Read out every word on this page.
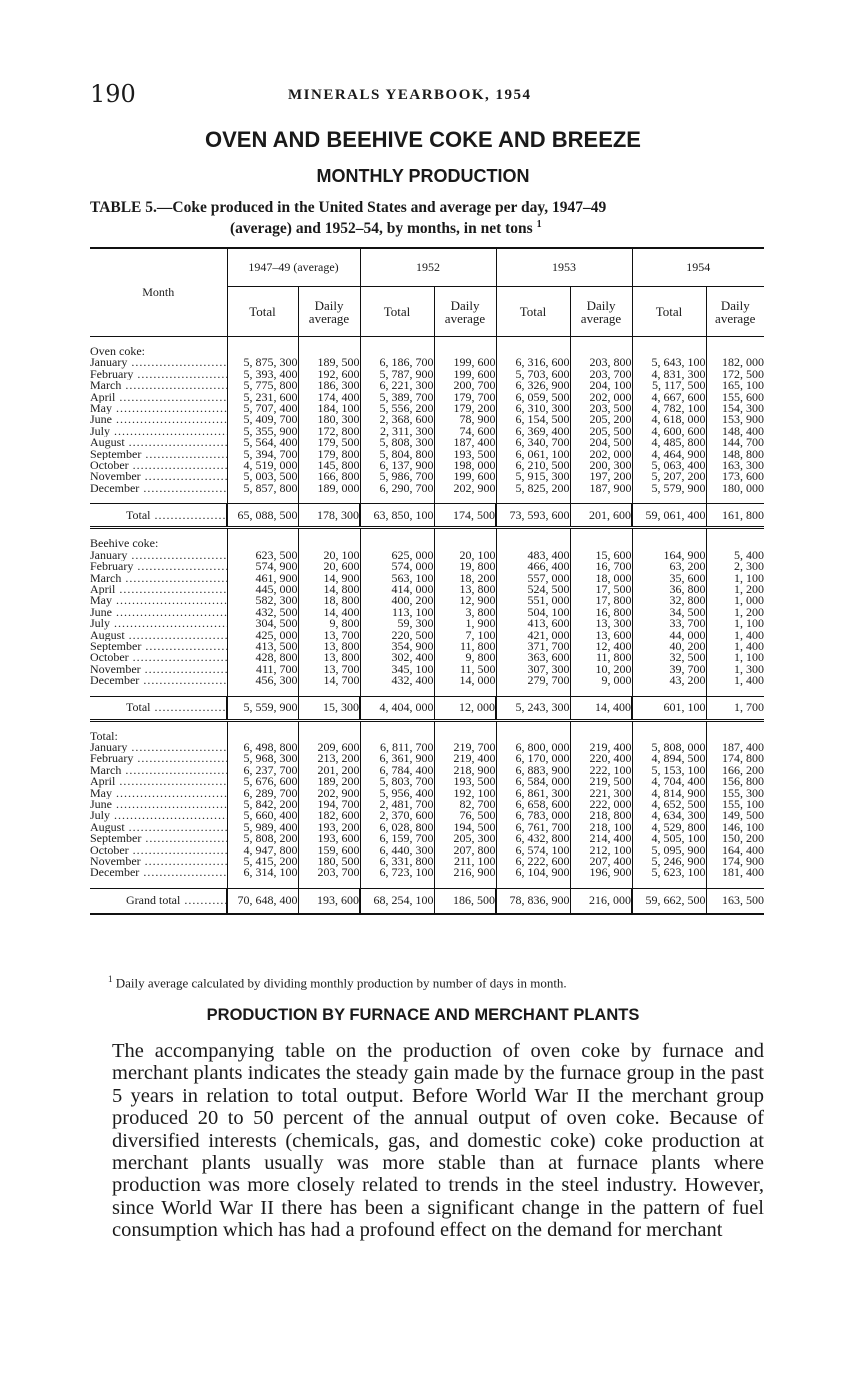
190	MINERALS YEARBOOK, 1954
OVEN AND BEEHIVE COKE AND BREEZE
MONTHLY PRODUCTION
TABLE 5.—Coke produced in the United States and average per day, 1947–49
(average) and 1952–54, by months, in net tons $^1$
Month	1947–49 (average)		1952		1953		1954	
	Total	Daily average	Total	Daily average	Total	Daily average	Total	Daily average

Oven coke:								
January .....	5, 875, 300	189, 500	6, 186, 700	199, 600	6, 316, 600	203, 800	5, 643, 100	182, 000
February .....	5, 393, 400	192, 600	5, 787, 900	199, 600	5, 703, 600	203, 700	4, 831, 300	172, 500
March .....	5, 775, 800	186, 300	6, 221, 300	200, 700	6, 326, 900	204, 100	5, 117, 500	165, 100
April .....	5, 231, 600	174, 400	5, 389, 700	179, 700	6, 059, 500	202, 000	4, 667, 600	155, 600
May .....	5, 707, 400	184, 100	5, 556, 200	179, 200	6, 310, 300	203, 500	4, 782, 100	154, 300
June .....	5, 409, 700	180, 300	2, 368, 600	78, 900	6, 154, 500	205, 200	4, 618, 000	153, 900
July .....	5, 355, 900	172, 800	2, 311, 300	74, 600	6, 369, 400	205, 500	4, 600, 600	148, 400
August .....	5, 564, 400	179, 500	5, 808, 300	187, 400	6, 340, 700	204, 500	4, 485, 800	144, 700
September .....	5, 394, 700	179, 800	5, 804, 800	193, 500	6, 061, 100	202, 000	4, 464, 900	148, 800
October .....	4, 519, 000	145, 800	6, 137, 900	198, 000	6, 210, 500	200, 300	5, 063, 400	163, 300
November .....	5, 003, 500	166, 800	5, 986, 700	199, 600	5, 915, 300	197, 200	5, 207, 200	173, 600
December .....	5, 857, 800	189, 000	6, 290, 700	202, 900	5, 825, 200	187, 900	5, 579, 900	180, 000

Total .....	65, 088, 500	178, 300	63, 850, 100	174, 500	73, 593, 600	201, 600	59, 061, 400	161, 800

Beehive coke:								
January .....	623, 500	20, 100	625, 000	20, 100	483, 400	15, 600	164, 900	5, 400
February .....	574, 900	20, 600	574, 000	19, 800	466, 400	16, 700	63, 200	2, 300
March .....	461, 900	14, 900	563, 100	18, 200	557, 000	18, 000	35, 600	1, 100
April .....	445, 000	14, 800	414, 000	13, 800	524, 500	17, 500	36, 800	1, 200
May .....	582, 300	18, 800	400, 200	12, 900	551, 000	17, 800	32, 800	1, 000
June .....	432, 500	14, 400	113, 100	3, 800	504, 100	16, 800	34, 500	1, 200
July .....	304, 500	9, 800	59, 300	1, 900	413, 600	13, 300	33, 700	1, 100
August .....	425, 000	13, 700	220, 500	7, 100	421, 000	13, 600	44, 000	1, 400
September .....	413, 500	13, 800	354, 900	11, 800	371, 700	12, 400	40, 200	1, 400
October .....	428, 800	13, 800	302, 400	9, 800	363, 600	11, 800	32, 500	1, 100
November .....	411, 700	13, 700	345, 100	11, 500	307, 300	10, 200	39, 700	1, 300
December .....	456, 300	14, 700	432, 400	14, 000	279, 700	9, 000	43, 200	1, 400

Total .....	5, 559, 900	15, 300	4, 404, 000	12, 000	5, 243, 300	14, 400	601, 100	1, 700

Total:								
January .....	6, 498, 800	209, 600	6, 811, 700	219, 700	6, 800, 000	219, 400	5, 808, 000	187, 400
February .....	5, 968, 300	213, 200	6, 361, 900	219, 400	6, 170, 000	220, 400	4, 894, 500	174, 800
March .....	6, 237, 700	201, 200	6, 784, 400	218, 900	6, 883, 900	222, 100	5, 153, 100	166, 200
April .....	5, 676, 600	189, 200	5, 803, 700	193, 500	6, 584, 000	219, 500	4, 704, 400	156, 800
May .....	6, 289, 700	202, 900	5, 956, 400	192, 100	6, 861, 300	221, 300	4, 814, 900	155, 300
June .....	5, 842, 200	194, 700	2, 481, 700	82, 700	6, 658, 600	222, 000	4, 652, 500	155, 100
July .....	5, 660, 400	182, 600	2, 370, 600	76, 500	6, 783, 000	218, 800	4, 634, 300	149, 500
August .....	5, 989, 400	193, 200	6, 028, 800	194, 500	6, 761, 700	218, 100	4, 529, 800	146, 100
September .....	5, 808, 200	193, 600	6, 159, 700	205, 300	6, 432, 800	214, 400	4, 505, 100	150, 200
October .....	4, 947, 800	159, 600	6, 440, 300	207, 800	6, 574, 100	212, 100	5, 095, 900	164, 400
November .....	5, 415, 200	180, 500	6, 331, 800	211, 100	6, 222, 600	207, 400	5, 246, 900	174, 900
December .....	6, 314, 100	203, 700	6, 723, 100	216, 900	6, 104, 900	196, 900	5, 623, 100	181, 400

Grand total .....	70, 648, 400	193, 600	68, 254, 100	186, 500	78, 836, 900	216, 000	59, 662, 500	163, 500
$^1$ Daily average calculated by dividing monthly production by number of days in month.
PRODUCTION BY FURNACE AND MERCHANT PLANTS
The accompanying table on the production of oven coke by furnace and merchant plants indicates the steady gain made by the furnace group in the past 5 years in relation to total output. Before World War II the merchant group produced 20 to 50 percent of the annual output of oven coke. Because of diversified interests (chemicals, gas, and domestic coke) coke production at merchant plants usually was more stable than at furnace plants where production was more closely related to trends in the steel industry. However, since World War II there has been a significant change in the pattern of fuel consumption which has had a profound effect on the demand for merchant
